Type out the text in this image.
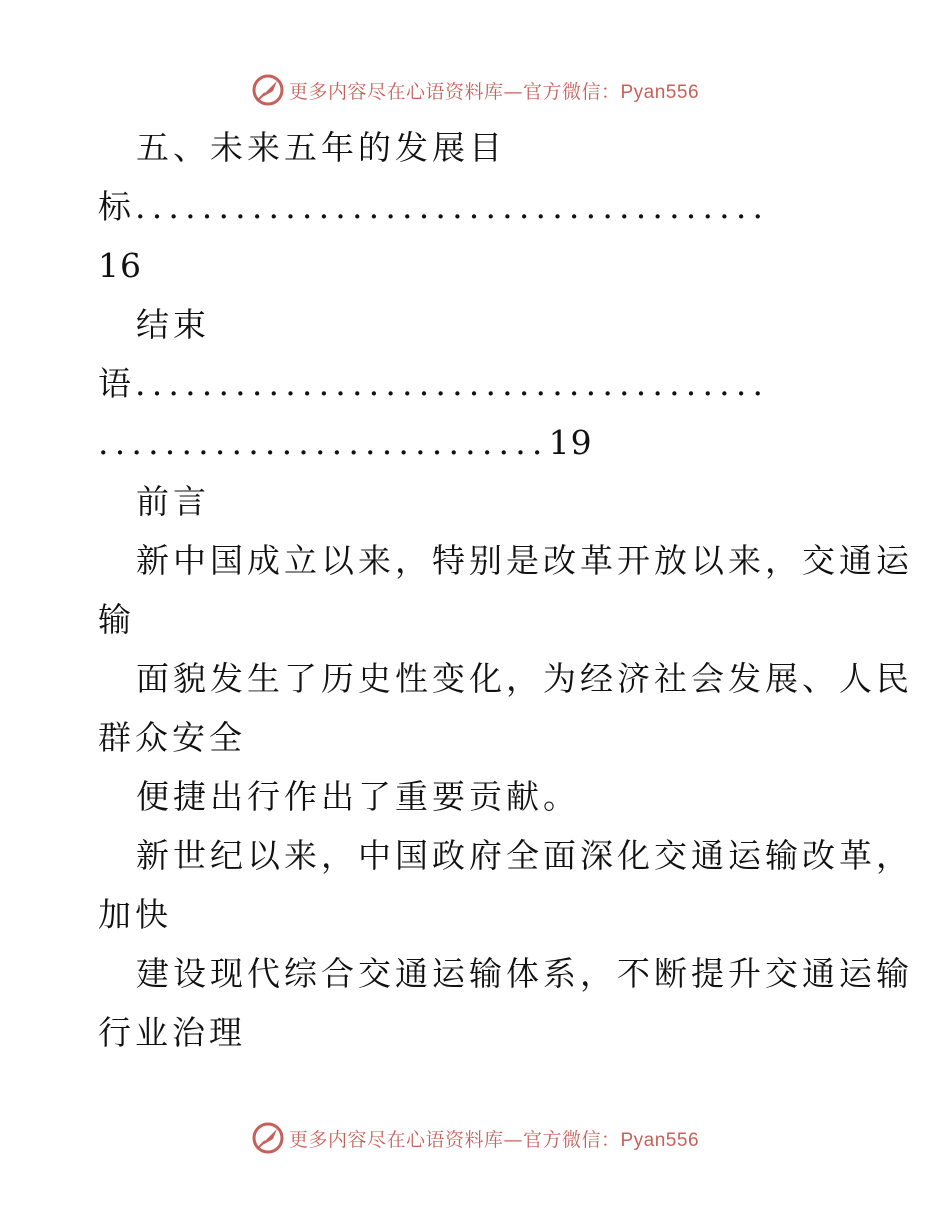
更多内容尽在心语资料库—官方微信：Pyan556
五、未来五年的发展目
标......................................
16
结束
语......................................
...........................19
前言
新中国成立以来，特别是改革开放以来，交通运
输
面貌发生了历史性变化，为经济社会发展、人民
群众安全
便捷出行作出了重要贡献。
新世纪以来，中国政府全面深化交通运输改革，
加快
建设现代综合交通运输体系，不断提升交通运输
行业治理
更多内容尽在心语资料库—官方微信：Pyan556
